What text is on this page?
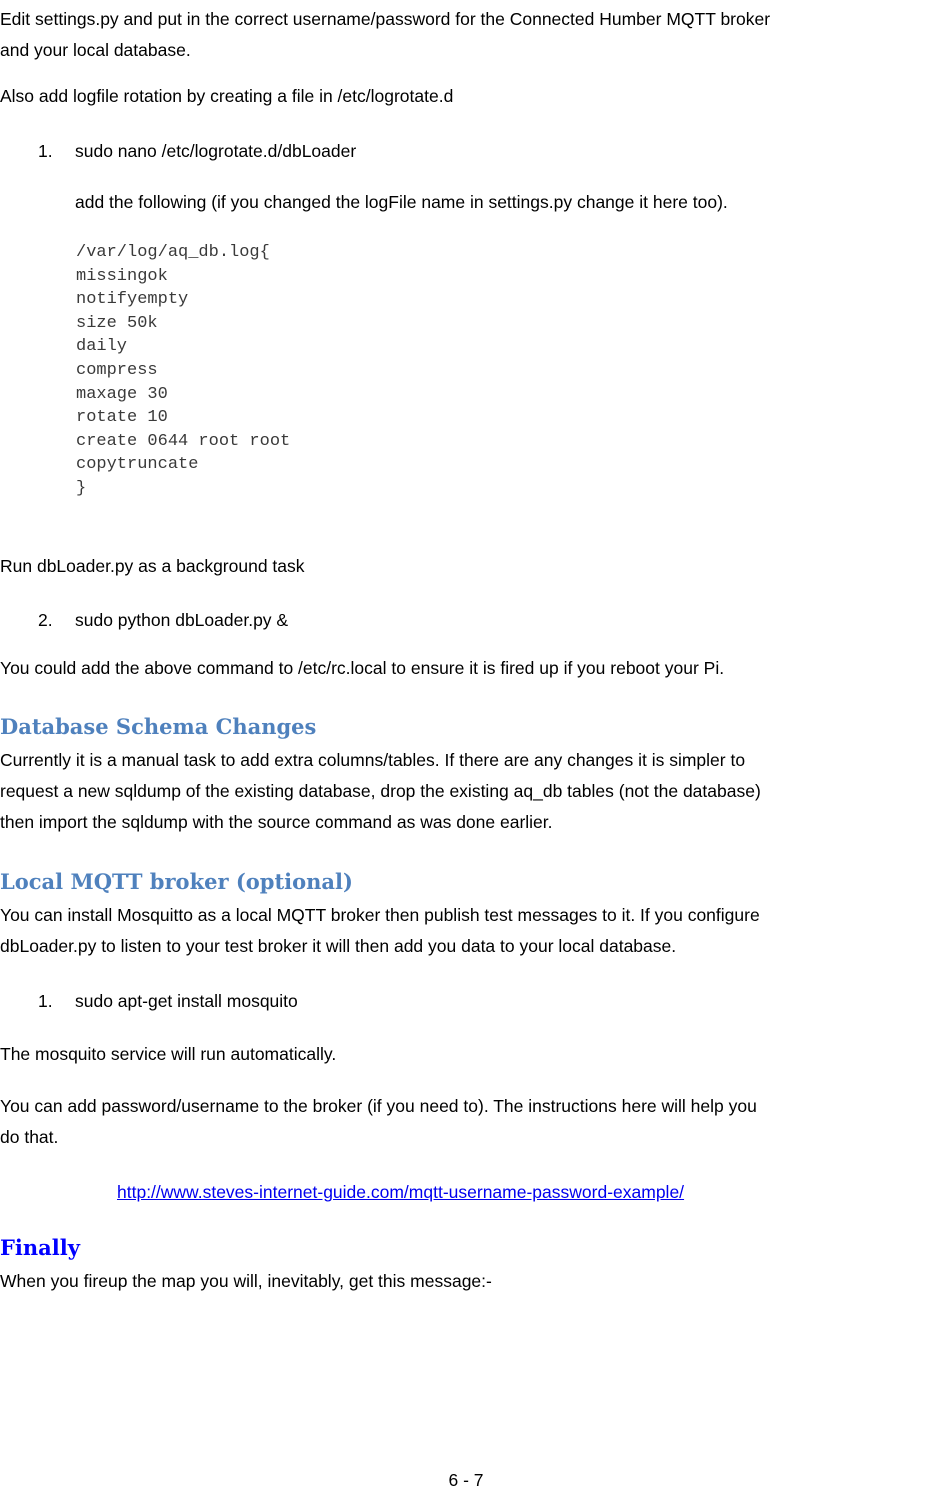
Edit settings.py and put in the correct username/password for the Connected Humber MQTT broker
and your local database.
Also add logfile rotation by creating a file in /etc/logrotate.d
1. sudo nano /etc/logrotate.d/dbLoader
add the following (if you changed the logFile name in settings.py change it here too).
/var/log/aq_db.log{
missingok
notifyempty
size 50k
daily
compress
maxage 30
rotate 10
create 0644 root root
copytruncate
}
Run dbLoader.py as a background task
2. sudo python dbLoader.py &
You could add the above command to /etc/rc.local to ensure it is fired up if you reboot your Pi.
Database Schema Changes
Currently it is a manual task to add extra columns/tables. If there are any changes it is simpler to
request a new sqldump of the existing database, drop the existing aq_db tables (not the database)
then import the sqldump with the source command as was done earlier.
Local MQTT broker (optional)
You can install Mosquitto as a local MQTT broker then publish test messages to it. If you configure
dbLoader.py to listen to your test broker it will then add you data to your local database.
1. sudo apt-get install mosquito
The mosquito service will run automatically.
You can add password/username to the broker (if you need to). The instructions here will help you
do that.
http://www.steves-internet-guide.com/mqtt-username-password-example/
Finally
When you fireup the map you will, inevitably, get this message:-
6 - 7
